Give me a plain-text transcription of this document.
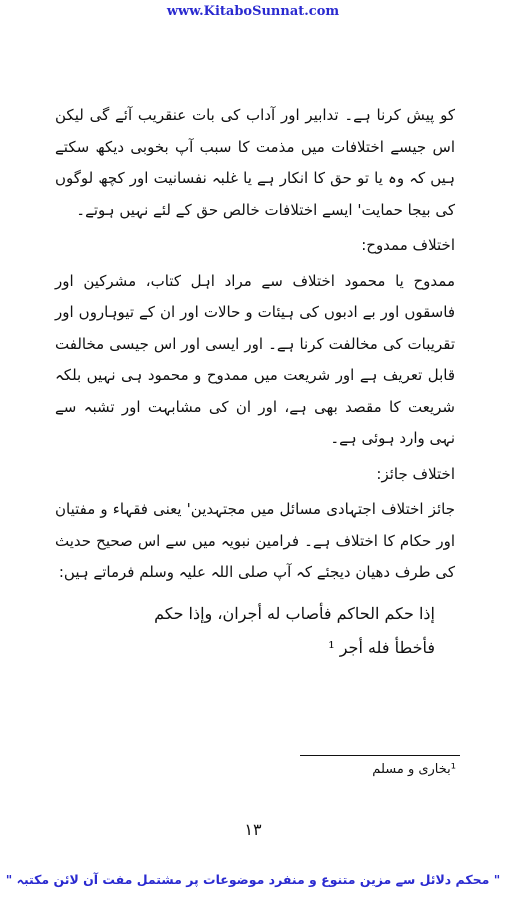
www.KitaboSunnat.com

کو پیش کرنا ہے۔ تدابیر اور آداب کی بات عنقریب آئے گی لیکن اس جیسے اختلافات میں مذمت کا سبب آپ بخوبی دیکھ سکتے ہیں کہ وہ یا تو حق کا انکار ہے یا غلبہ نفسانیت اور کچھ لوگوں کی بیجا حمایت' ایسے اختلافات خالص حق کے لئے نہیں ہوتے۔

اختلاف ممدوح:

ممدوح یا محمود اختلاف سے مراد اہل کتاب، مشرکین اور فاسقوں اور بے ادبوں کی ہیئات و حالات اور ان کے تیوہاروں اور تقریبات کی مخالفت کرنا ہے۔ اور ایسی اور اس جیسی مخالفت قابل تعریف ہے اور شریعت میں ممدوح و محمود ہی نہیں بلکہ شریعت کا مقصد بھی ہے، اور ان کی مشابہت اور تشبہ سے نہی وارد ہوئی ہے۔

اختلاف جائز:

جائز اختلاف اجتہادی مسائل میں مجتہدین' یعنی فقہاء و مفتیان اور حکام کا اختلاف ہے۔ فرامین نبویہ میں سے اس صحیح حدیث کی طرف دھیان دیجئے کہ آپ صلی اللہ علیہ وسلم فرماتے ہیں:

إذا حكم الحاكم فأصاب له أجران، وإذا حكم
فأخطأ فله أجر ¹
¹بخاری و مسلم
۱۳
" محکم دلائل سے مزین متنوع و منفرد موضوعات پر مشتمل مفت آن لائن مکتبہ "
